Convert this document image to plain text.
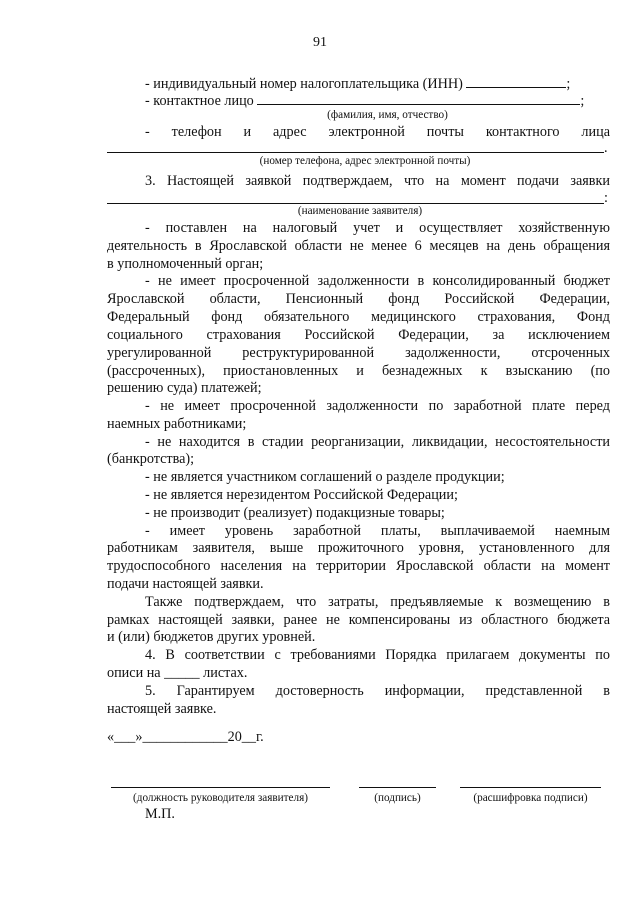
91
- индивидуальный номер налогоплательщика (ИНН)	;
- контактное лицо	;
(фамилия, имя, отчество)
- телефон и адрес электронной почты контактного лица
.
(номер телефона, адрес электронной почты)
3. Настоящей заявкой подтверждаем, что на момент подачи заявки
:
(наименование заявителя)
- поставлен на налоговый учет и осуществляет хозяйственную
деятельность в Ярославской области не менее 6 месяцев на день обращения
в уполномоченный орган;
- не имеет просроченной задолженности в консолидированный бюджет
Ярославской области, Пенсионный фонд Российской Федерации,
Федеральный фонд обязательного медицинского страхования, Фонд
социального страхования Российской Федерации, за исключением
урегулированной реструктурированной задолженности, отсроченных
(рассроченных), приостановленных и безнадежных к взысканию (по
решению суда) платежей;
- не имеет просроченной задолженности по заработной плате перед
наемных работниками;
- не находится в стадии реорганизации, ликвидации, несостоятельности
(банкротства);
- не является участником соглашений о разделе продукции;
- не является нерезидентом Российской Федерации;
- не производит (реализует) подакцизные товары;
- имеет уровень заработной платы, выплачиваемой наемным
работникам заявителя, выше прожиточного уровня, установленного для
трудоспособного населения на территории Ярославской области на момент
подачи настоящей заявки.
Также подтверждаем, что затраты, предъявляемые к возмещению в
рамках настоящей заявки, ранее не компенсированы из областного бюджета
и (или) бюджетов других уровней.
4. В соответствии с требованиями Порядка прилагаем документы по
описи на _____ листах.
5. Гарантируем достоверность информации, представленной в
настоящей заявке.
«___»____________20__г.
(должность руководителя заявителя)	(подпись)	(расшифровка подписи)
М.П.
